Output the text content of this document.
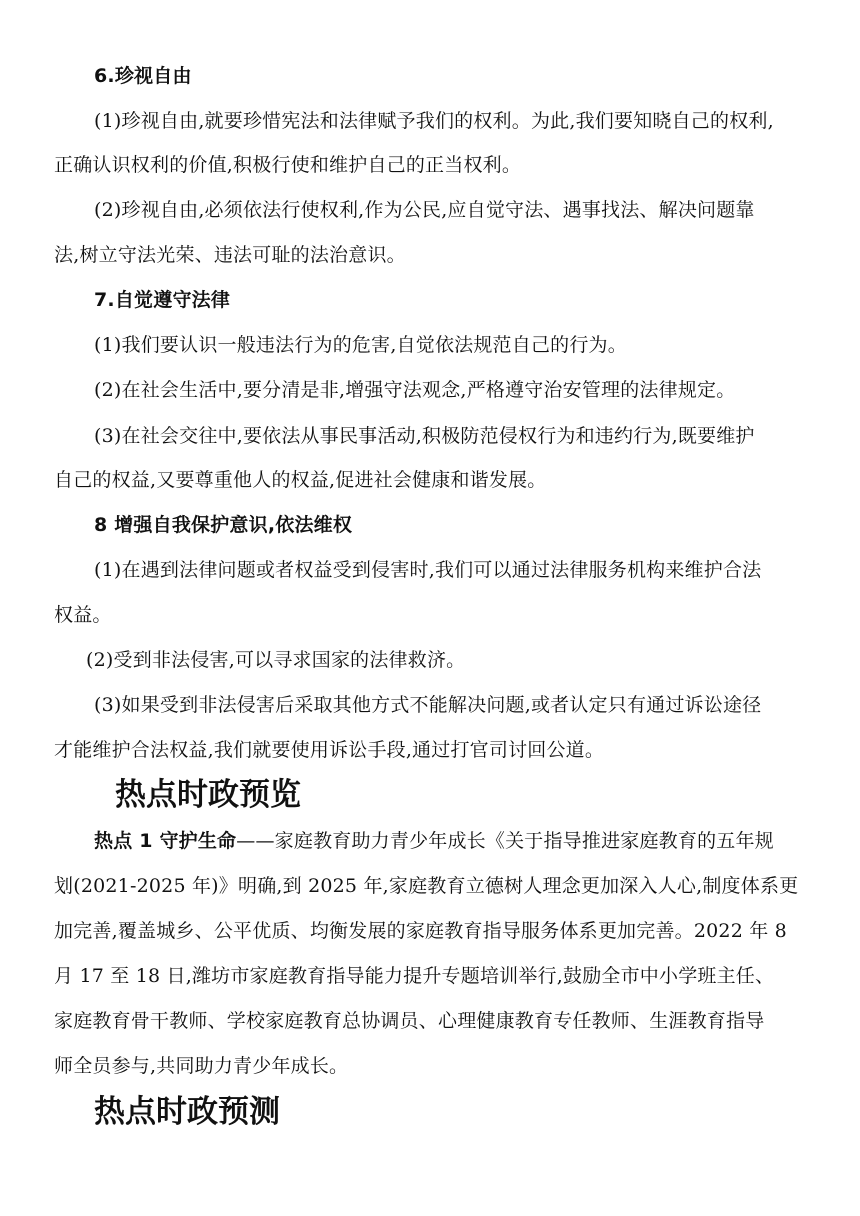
6.珍视自由
(1)珍视自由,就要珍惜宪法和法律赋予我们的权利。为此,我们要知晓自己的权利,
正确认识权利的价值,积极行使和维护自己的正当权利。
(2)珍视自由,必须依法行使权利,作为公民,应自觉守法、遇事找法、解决问题靠
法,树立守法光荣、违法可耻的法治意识。
7.自觉遵守法律
(1)我们要认识一般违法行为的危害,自觉依法规范自己的行为。
(2)在社会生活中,要分清是非,增强守法观念,严格遵守治安管理的法律规定。
(3)在社会交往中,要依法从事民事活动,积极防范侵权行为和违约行为,既要维护
自己的权益,又要尊重他人的权益,促进社会健康和谐发展。
8 增强自我保护意识,依法维权
(1)在遇到法律问题或者权益受到侵害时,我们可以通过法律服务机构来维护合法
权益。
(2)受到非法侵害,可以寻求国家的法律救济。
(3)如果受到非法侵害后采取其他方式不能解决问题,或者认定只有通过诉讼途径
才能维护合法权益,我们就要使用诉讼手段,通过打官司讨回公道。
热点时政预览
热点 1 守护生命——家庭教育助力青少年成长《关于指导推进家庭教育的五年规
划(2021-2025 年)》明确,到 2025 年,家庭教育立德树人理念更加深入人心,制度体系更
加完善,覆盖城乡、公平优质、均衡发展的家庭教育指导服务体系更加完善。2022 年 8
月 17 至 18 日,潍坊市家庭教育指导能力提升专题培训举行,鼓励全市中小学班主任、
家庭教育骨干教师、学校家庭教育总协调员、心理健康教育专任教师、生涯教育指导
师全员参与,共同助力青少年成长。
热点时政预测
